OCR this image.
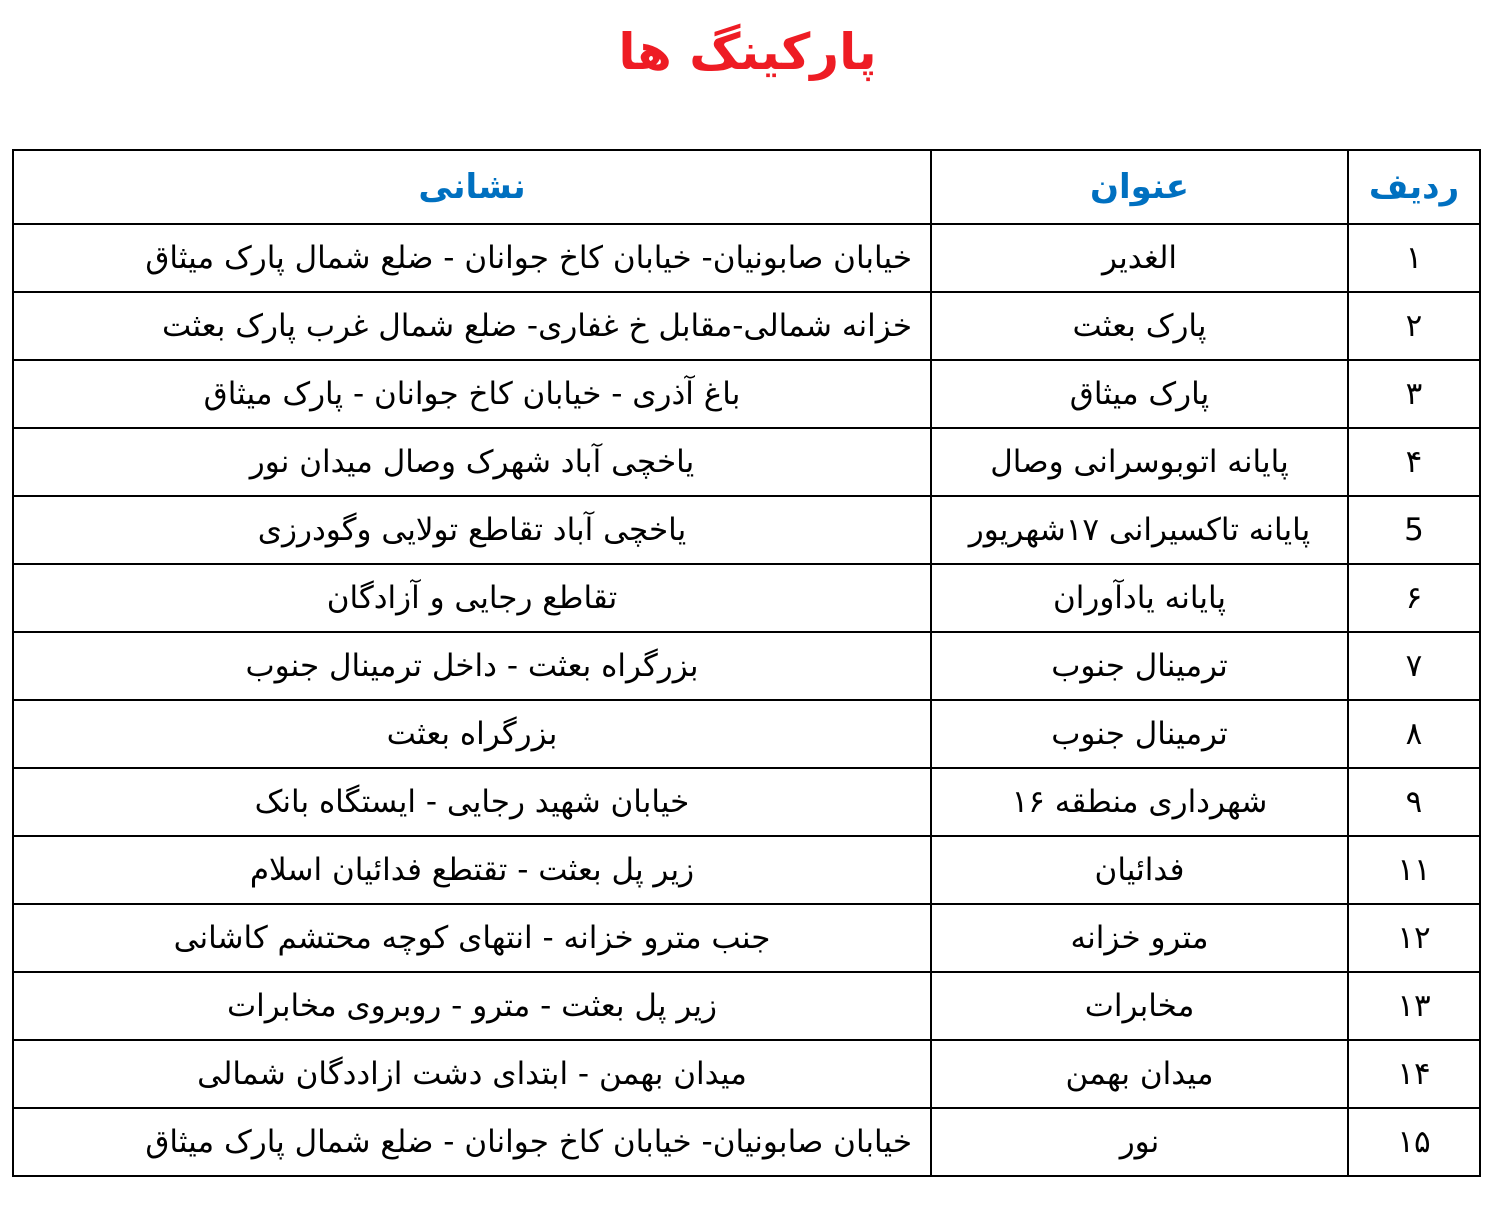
پارکینگ ها
ردیف	عنوان	نشانی
۱	الغدیر	خیابان صابونیان- خیابان کاخ جوانان - ضلع شمال پارک میثاق
۲	پارک بعثت	خزانه شمالی-مقابل خ غفاری- ضلع شمال غرب پارک بعثت
۳	پارک میثاق	باغ آذری - خیابان کاخ جوانان - پارک میثاق
۴	پایانه اتوبوسرانی وصال	یاخچی آباد شهرک وصال میدان نور
5	پایانه تاکسیرانی ۱۷شهریور	یاخچی آباد تقاطع تولایی وگودرزی
۶	پایانه یادآوران	تقاطع رجایی و آزادگان
۷	ترمینال جنوب	بزرگراه بعثت - داخل ترمینال جنوب
۸	ترمینال جنوب	بزرگراه بعثت
۹	شهرداری منطقه ۱۶	خیابان شهید رجایی - ایستگاه بانک
۱۱	فدائیان	زیر پل بعثت - تقتطع فدائیان اسلام
۱۲	مترو خزانه	جنب مترو خزانه - انتهای کوچه محتشم کاشانی
۱۳	مخابرات	زیر پل بعثت - مترو - روبروی مخابرات
۱۴	میدان بهمن	میدان بهمن - ابتدای دشت ازاددگان شمالی
۱۵	نور	خیابان صابونیان- خیابان کاخ جوانان - ضلع شمال پارک میثاق
